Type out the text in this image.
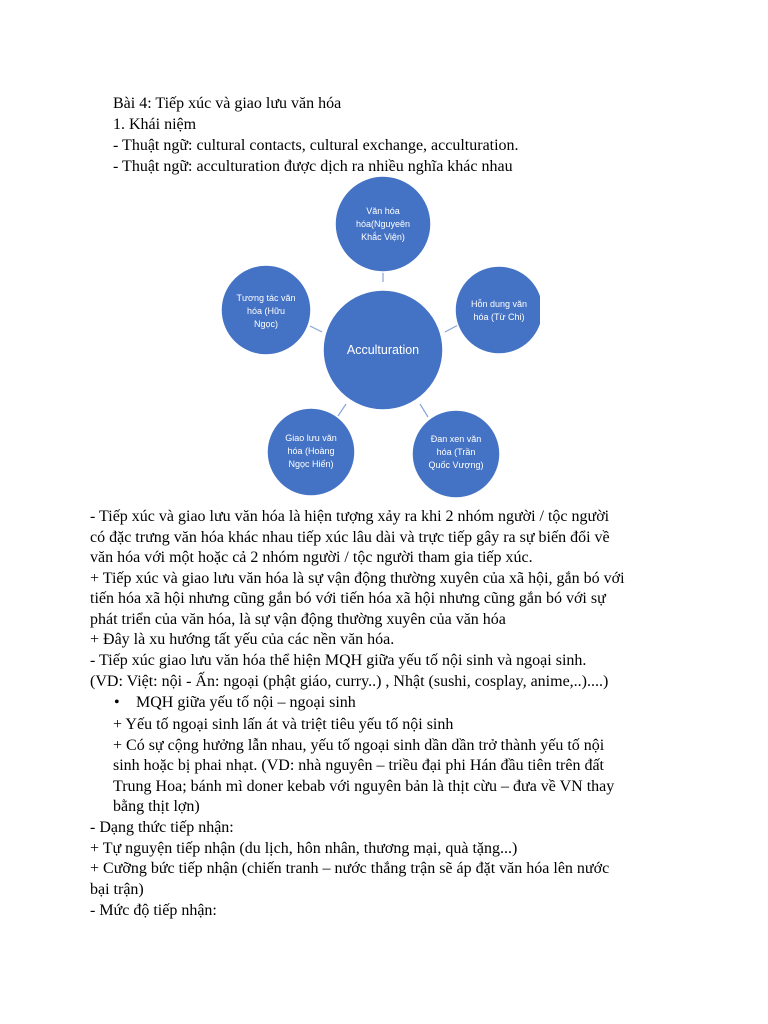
Bài 4: Tiếp xúc và giao lưu văn hóa
1. Khái niệm
- Thuật ngữ: cultural contacts, cultural exchange, acculturation.
- Thuật ngữ: acculturation được dịch ra nhiều nghĩa khác nhau
Acculturation
Văn hóa
hóa(Nguyeên
Khắc Viện)
Hỗn dung văn
hóa (Từ Chi)
Đan xen văn
hóa (Trần
Quốc Vượng)
Giao lưu văn
hóa (Hoàng
Ngọc Hiến)
Tương tác văn
hóa (Hữu
Ngọc)
- Tiếp xúc và giao lưu văn hóa là hiện tượng xảy ra khi 2 nhóm người / tộc người
có đặc trưng văn hóa khác nhau tiếp xúc lâu dài và trực tiếp gây ra sự biến đổi về
văn hóa với một hoặc cả 2 nhóm người / tộc người tham gia tiếp xúc.
+ Tiếp xúc và giao lưu văn hóa là sự vận động thường xuyên của xã hội, gắn bó với
tiến hóa xã hội nhưng cũng gắn bó với tiến hóa xã hội nhưng cũng gắn bó với sự
phát triển của văn hóa, là sự vận động thường xuyên của văn hóa
+ Đây là xu hướng tất yếu của các nền văn hóa.
- Tiếp xúc giao lưu văn hóa thể hiện MQH giữa yếu tố nội sinh và ngoại sinh.
(VD: Việt: nội - Ấn: ngoại (phật giáo, curry..) , Nhật (sushi, cosplay, anime,..)....)
• MQH giữa yếu tố nội – ngoại sinh
+ Yếu tố ngoại sinh lấn át và triệt tiêu yếu tố nội sinh
+ Có sự cộng hưởng lẫn nhau, yếu tố ngoại sinh dần dần trở thành yếu tố nội
sinh hoặc bị phai nhạt. (VD: nhà nguyên – triều đại phi Hán đầu tiên trên đất
Trung Hoa; bánh mì doner kebab với nguyên bản là thịt cừu – đưa về VN thay
bằng thịt lợn)
- Dạng thức tiếp nhận:
+ Tự nguyện tiếp nhận (du lịch, hôn nhân, thương mại, quà tặng...)
+ Cưỡng bức tiếp nhận (chiến tranh – nước thắng trận sẽ áp đặt văn hóa lên nước
bại trận)
- Mức độ tiếp nhận:
